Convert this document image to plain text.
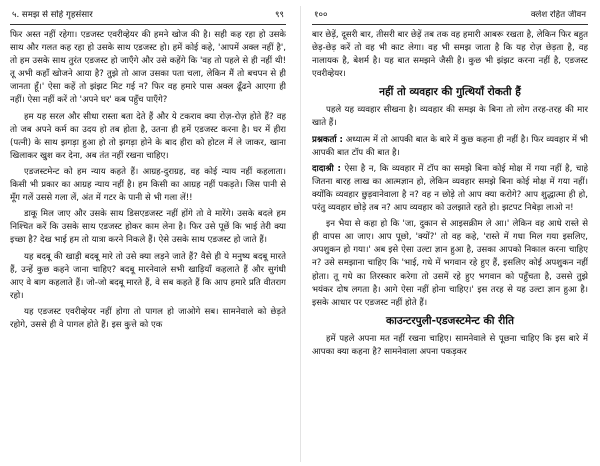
५. समझ से सोहे गृहसंसार	९९

फिर अस्त नहीं रहेगा। एडजस्ट एवरीव्हेयर की हमने खोज की है। सही कह रहा हो उसके साथ और गलत कह रहा हो उसके साथ एडजस्ट हो। हमें कोई कहे, 'आपमें अक्ल नहीं है', तो हम उसके साथ तुरंत एडजस्ट हो जाएँगे और उसे कहेंगे कि 'वह तो पहले से ही नहीं थी! तू अभी कहाँ खोजने आया है? तुझे तो आज उसका पता चला, लेकिन मैं तो बचपन से ही जानता हूँ।' ऐसा कहें तो झंझट मिट गई न? फिर वह हमारे पास अक्ल ढूँढने आएगा ही नहीं। ऐसा नहीं करें तो 'अपने घर' कब पहुँच पाएँगे?

हम यह सरल और सीधा रास्ता बता देते हैं और ये टकराव क्या रोज़-रोज़ होते हैं? वह तो जब अपने कर्म का उदय हो तब होता है, उतना ही हमें एडजस्ट करना है। घर में हीरा (पत्नी) के साथ झगड़ा हुआ हो तो झगड़ा होने के बाद हीरा को होटल में ले जाकर, खाना खिलाकर खुश कर देना, अब तंत नहीं रखना चाहिए।

एडजस्टमेन्ट को हम न्याय कहते हैं। आग्रह-दुराग्रह, वह कोई न्याय नहीं कहलाता। किसी भी प्रकार का आग्रह न्याय नहीं है। हम किसी का आग्रह नहीं पकड़ते। जिस पानी से मूँग गलें उससे गला लें, अंत में गटर के पानी से भी गला लें!!

डाकू मिल जाए और उसके साथ डिसएडजस्ट नहीं होंगे तो वे मारेंगे। उसके बदले हम निश्चित करें कि उसके साथ एडजस्ट होकर काम लेना है। फिर उसे पूछें कि भाई तेरी क्या इच्छा है? देख भाई हम तो यात्रा करने निकले हैं। ऐसे उसके साथ एडजस्ट हो जाते हैं।

यह बदबू की खाड़ी बदबू मारे तो उसे क्या लड़ने जाते हैं? वैसे ही ये मनुष्य बदबू मारते हैं, उन्हें कुछ कहने जाना चाहिए? बदबू मारनेवाले सभी खाड़ियाँ कहलाते हैं और सुगंधी आए वे बाग कहलाते हैं। जो-जो बदबू मारते हैं, वे सब कहते हैं कि आप हमारे प्रति वीतराग रहो।

यह एडजस्ट एवरीव्हेयर नहीं होगा तो पागल हो जाओगे सब। सामनेवाले को छेड़ते रहोगे, उससे ही वे पागल होते हैं। इस कुत्ते को एक

१००	क्लेश रहित जीवन

बार छेड़ें, दूसरी बार, तीसरी बार छेड़ें तब तक वह हमारी आबरू रखता है, लेकिन फिर बहुत छेड़-छेड़ करें तो वह भी काट लेगा। वह भी समझ जाता है कि यह रोज़ छेड़ता है, वह नालायक है, बेशर्म है। यह बात समझने जैसी है। कुछ भी झंझट करना नहीं है, एडजस्ट एवरीव्हेयर।

नहीं तो व्यवहार की गुत्थियाँ रोकती हैं

पहले यह व्यवहार सीखना है। व्यवहार की समझ के बिना तो लोग तरह-तरह की मार खाते हैं।

प्रश्नकर्ता : अध्यात्म में तो आपकी बात के बारे में कुछ कहना ही नहीं है। फिर व्यवहार में भी आपकी बात टॉप की बात है।

दादाश्री : ऐसा है न, कि व्यवहार में टॉप का समझे बिना कोई मोक्ष में गया नहीं है, चाहे जितना बारह लाख का आत्मज्ञान हो, लेकिन व्यवहार समझे बिना कोई मोक्ष में गया नहीं। क्योंकि व्यवहार छुड़वानेवाला है न? वह न छोड़े तो आप क्या करोगे? आप शुद्धात्मा ही हो, परंतु व्यवहार छोड़े तब न? आप व्यवहार को उलझाते रहते हो। झटपट निबेड़ा लाओ न!

इन भैया से कहा हो कि 'जा, दुकान से आइसक्रीम ले आ।' लेकिन वह आधे रास्ते से ही वापस आ जाए। आप पूछो, 'क्यों?' तो वह कहे, 'रास्ते में गधा मिल गया इसलिए, अपशुकन हो गया।' अब इसे ऐसा उल्टा ज्ञान हुआ है, उसका आपको निकाल करना चाहिए न? उसे समझाना चाहिए कि 'भाई, गधे में भगवान रहे हुए हैं, इसलिए कोई अपशुकन नहीं होता। तू गधे का तिरस्कार करेगा तो उसमें रहे हुए भगवान को पहुँचता है, उससे तुझे भयंकर दोष लगता है। आगे ऐसा नहीं होना चाहिए।' इस तरह से यह उल्टा ज्ञान हुआ है। इसके आधार पर एडजस्ट नहीं होते हैं।

काउन्टरपुली-एडजस्टमेन्ट की रीति

हमें पहले अपना मत नहीं रखना चाहिए। सामनेवाले से पूछना चाहिए कि इस बारे में आपका क्या कहना है? सामनेवाला अपना पकड़कर
